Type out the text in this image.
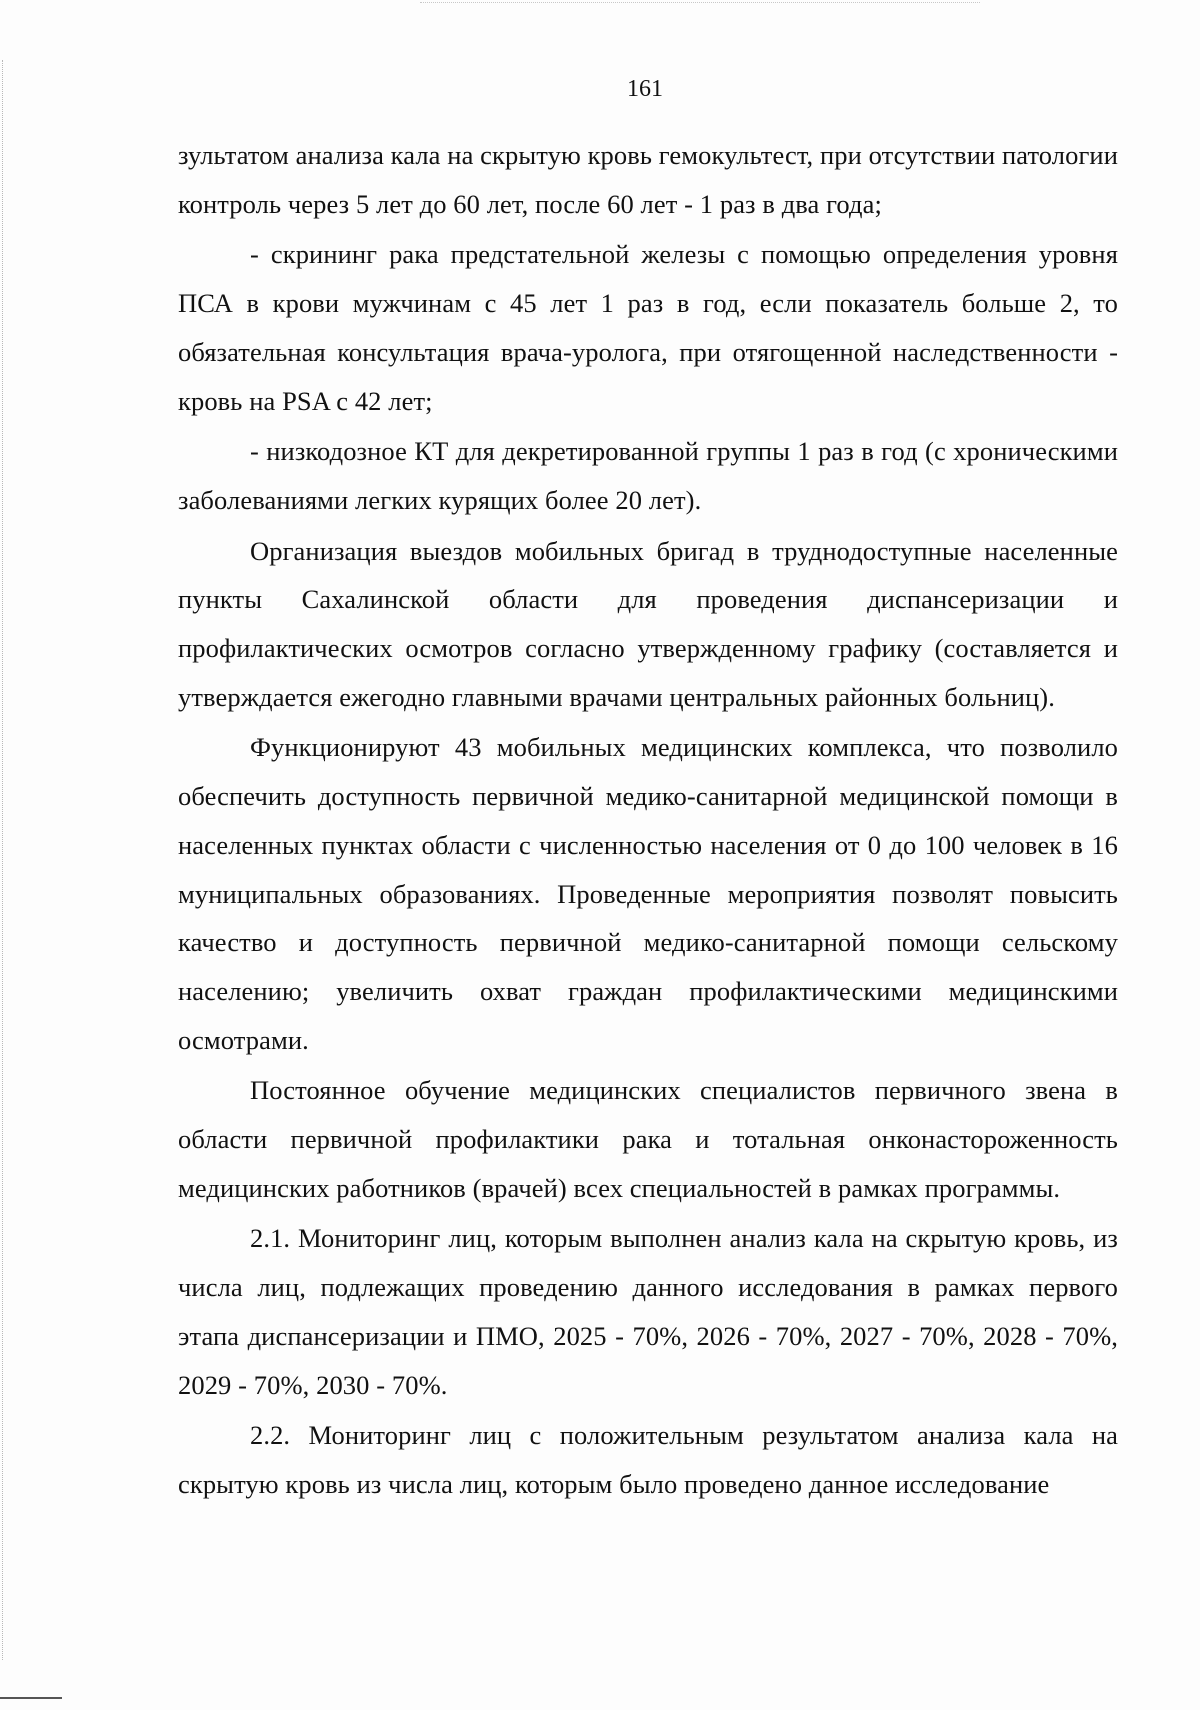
161

зультатом анализа кала на скрытую кровь гемокультест, при отсутствии патологии контроль через 5 лет до 60 лет, после 60 лет - 1 раз в два года;

- скрининг рака предстательной железы с помощью определения уровня ПСА в крови мужчинам с 45 лет 1 раз в год, если показатель больше 2, то обязательная консультация врача-уролога, при отягощенной наследственности - кровь на PSA с 42 лет;

- низкодозное КТ для декретированной группы 1 раз в год (с хроническими заболеваниями легких курящих более 20 лет).

Организация выездов мобильных бригад в труднодоступные населенные пункты Сахалинской области для проведения диспансеризации и профилактических осмотров согласно утвержденному графику (составляется и утверждается ежегодно главными врачами центральных районных больниц).

Функционируют 43 мобильных медицинских комплекса, что позволило обеспечить доступность первичной медико-санитарной медицинской помощи в населенных пунктах области с численностью населения от 0 до 100 человек в 16 муниципальных образованиях. Проведенные мероприятия позволят повысить качество и доступность первичной медико-санитарной помощи сельскому населению; увеличить охват граждан профилактическими медицинскими осмотрами.

Постоянное обучение медицинских специалистов первичного звена в области первичной профилактики рака и тотальная онконастороженность медицинских работников (врачей) всех специальностей в рамках программы.

2.1. Мониторинг лиц, которым выполнен анализ кала на скрытую кровь, из числа лиц, подлежащих проведению данного исследования в рамках первого этапа диспансеризации и ПМО, 2025 - 70%, 2026 - 70%, 2027 - 70%, 2028 - 70%, 2029 - 70%, 2030 - 70%.

2.2. Мониторинг лиц с положительным результатом анализа кала на скрытую кровь из числа лиц, которым было проведено данное исследование
